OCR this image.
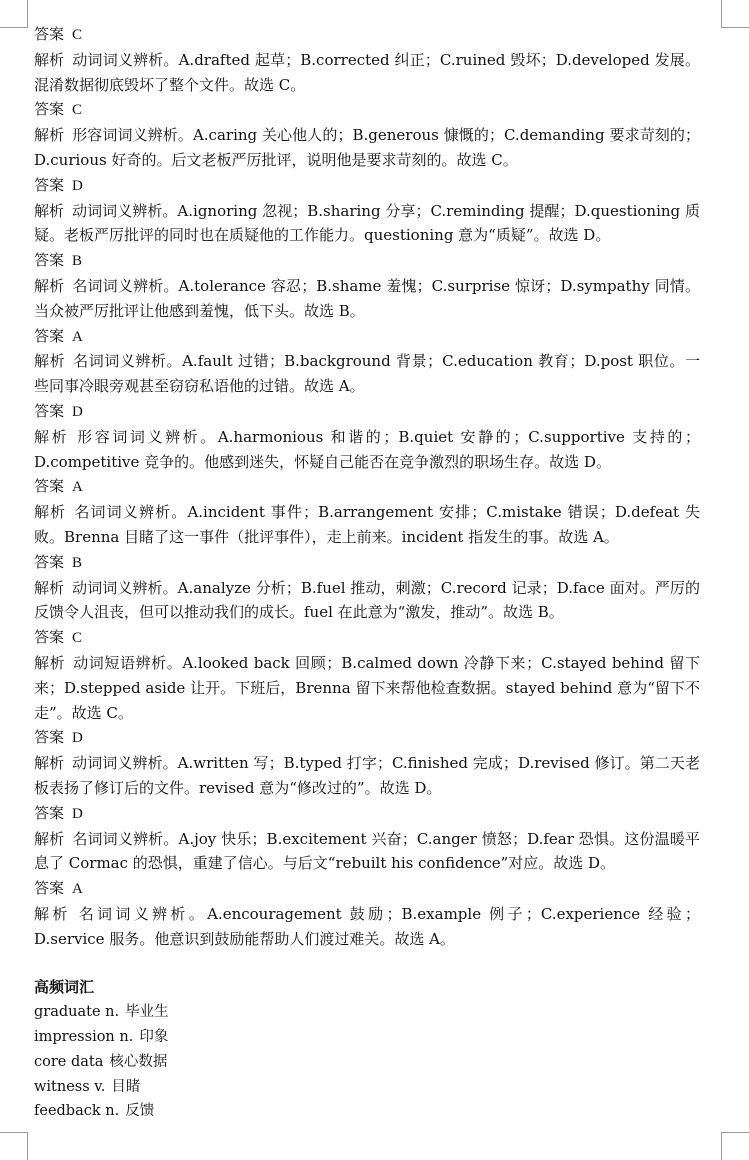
答案 C

解析 动词词义辨析。A.drafted 起草；B.corrected 纠正；C.ruined 毁坏；D.developed 发展。混淆数据彻底毁坏了整个文件。故选 C。

答案 C

解析 形容词词义辨析。A.caring 关心他人的；B.generous 慷慨的；C.demanding 要求苛刻的；D.curious 好奇的。后文老板严厉批评，说明他是要求苛刻的。故选 C。

答案 D

解析 动词词义辨析。A.ignoring 忽视；B.sharing 分享；C.reminding 提醒；D.questioning 质疑。老板严厉批评的同时也在质疑他的工作能力。questioning 意为“质疑”。故选 D。

答案 B

解析 名词词义辨析。A.tolerance 容忍；B.shame 羞愧；C.surprise 惊讶；D.sympathy 同情。当众被严厉批评让他感到羞愧，低下头。故选 B。

答案 A

解析 名词词义辨析。A.fault 过错；B.background 背景；C.education 教育；D.post 职位。一些同事冷眼旁观甚至窃窃私语他的过错。故选 A。

答案 D

解析 形容词词义辨析。A.harmonious 和谐的；B.quiet 安静的；C.supportive 支持的；D.competitive 竞争的。他感到迷失，怀疑自己能否在竞争激烈的职场生存。故选 D。

答案 A

解析 名词词义辨析。A.incident 事件；B.arrangement 安排；C.mistake 错误；D.defeat 失败。Brenna 目睹了这一事件（批评事件），走上前来。incident 指发生的事。故选 A。

答案 B

解析 动词词义辨析。A.analyze 分析；B.fuel 推动，刺激；C.record 记录；D.face 面对。严厉的反馈令人沮丧，但可以推动我们的成长。fuel 在此意为“激发，推动”。故选 B。

答案 C

解析 动词短语辨析。A.looked back 回顾；B.calmed down 冷静下来；C.stayed behind 留下来；D.stepped aside 让开。下班后，Brenna 留下来帮他检查数据。stayed behind 意为“留下不走”。故选 C。

答案 D

解析 动词词义辨析。A.written 写；B.typed 打字；C.finished 完成；D.revised 修订。第二天老板表扬了修订后的文件。revised 意为“修改过的”。故选 D。

答案 D

解析 名词词义辨析。A.joy 快乐；B.excitement 兴奋；C.anger 愤怒；D.fear 恐惧。这份温暖平息了 Cormac 的恐惧，重建了信心。与后文“rebuilt his confidence”对应。故选 D。

答案 A

解析 名词词义辨析。A.encouragement 鼓励；B.example 例子；C.experience 经验；D.service 服务。他意识到鼓励能帮助人们渡过难关。故选 A。

高频词汇

graduate n. 毕业生

impression n. 印象

core data 核心数据

witness v. 目睹

feedback n. 反馈
